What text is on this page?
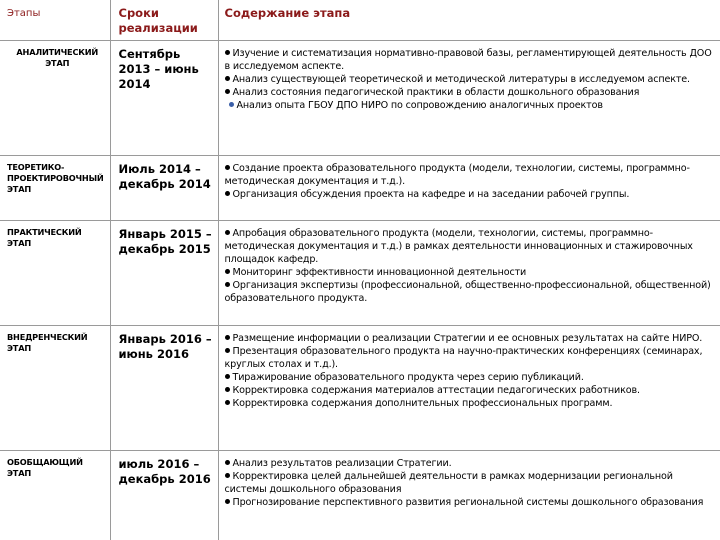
Этапы	Сроки реализации	Содержание этапа

АНАЛИТИЧЕСКИЙ ЭТАП	Сентябрь 2013 – июнь 2014	Изучение и систематизация нормативно-правовой базы, регламентирующей деятельность ДОО в исследуемом аспекте.
Анализ существующей теоретической и методической литературы в исследуемом аспекте.
Анализ состояния педагогической практики в области дошкольного образования
Анализ опыта ГБОУ ДПО НИРО по сопровождению аналогичных проектов

ТЕОРЕТИКО-ПРОЕКТИРОВОЧНЫЙ ЭТАП	Июль 2014 – декабрь 2014	Создание проекта образовательного продукта (модели, технологии, системы, программно-методическая документация и т.д.).
Организация обсуждения проекта на кафедре и на заседании рабочей группы.

ПРАКТИЧЕСКИЙ ЭТАП	Январь 2015 – декабрь 2015	Апробация образовательного продукта (модели, технологии, системы, программно-методическая документация и т.д.) в рамках деятельности инновационных и стажировочных площадок кафедр.
Мониторинг эффективности инновационной деятельности
Организация экспертизы (профессиональной, общественно-профессиональной, общественной) образовательного продукта.

ВНЕДРЕНЧЕСКИЙ ЭТАП	Январь 2016 – июнь 2016	Размещение информации о реализации Стратегии и ее основных результатах на сайте НИРО.
Презентация образовательного продукта на научно-практических конференциях (семинарах, круглых столах и т.д.).
Тиражирование образовательного продукта через серию публикаций.
Корректировка содержания материалов аттестации педагогических работников.
Корректировка содержания дополнительных профессиональных программ.

ОБОБЩАЮЩИЙ ЭТАП	июль 2016 – декабрь 2016	Анализ результатов реализации Стратегии.
Корректировка целей дальнейшей деятельности в рамках модернизации региональной системы дошкольного образования
Прогнозирование перспективного развития региональной системы дошкольного образования
